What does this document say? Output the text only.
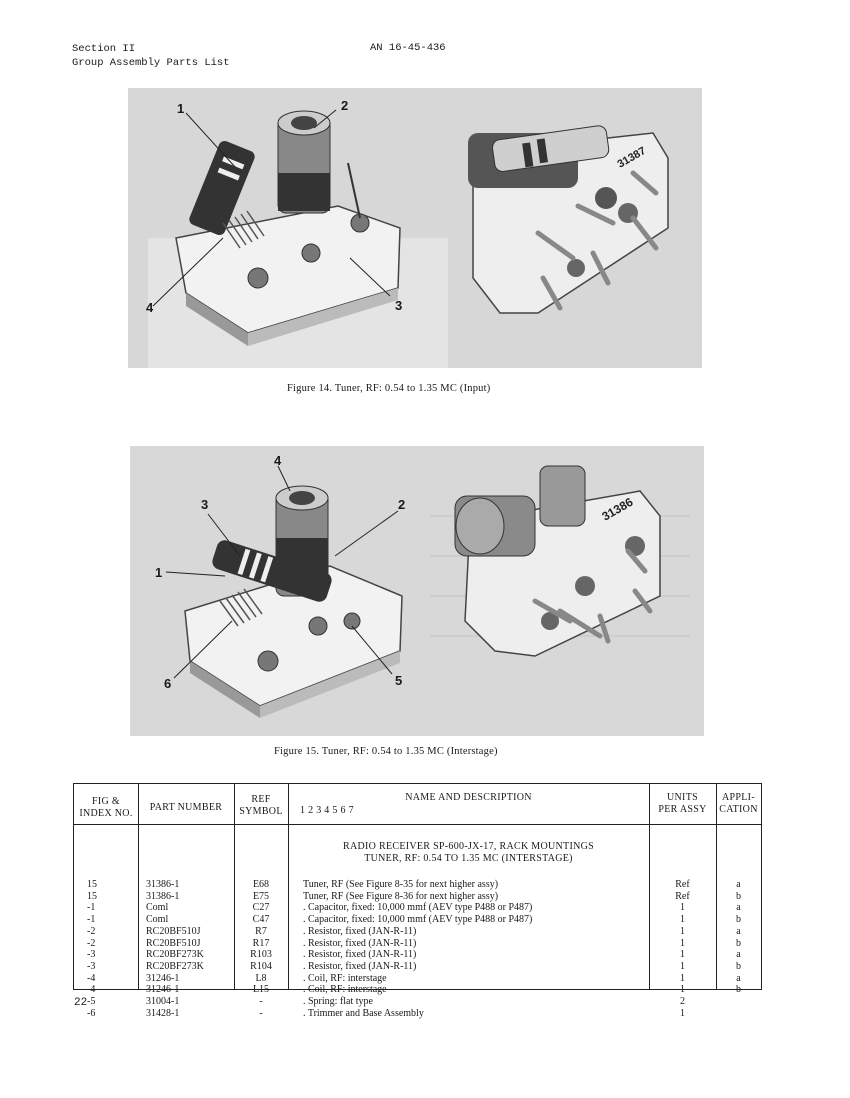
Section II
Group Assembly Parts List
AN 16-45-436
31387
1	2
3
4
Figure 14. Tuner, RF: 0.54 to 1.35 MC (Input)
31386
1
2
3
4
5
6
Figure 15. Tuner, RF: 0.54 to 1.35 MC (Interstage)
FIG &
INDEX NO.
PART NUMBER
REF
SYMBOL
NAME AND DESCRIPTION
1 2 3 4 5 6 7
UNITS
PER ASSY
APPLI-
CATION
RADIO RECEIVER SP-600-JX-17, RACK MOUNTINGS
TUNER, RF: 0.54 TO 1.35 MC (INTERSTAGE)
15	31386-1	E68	Tuner, RF (See Figure 8-35 for next higher assy)	Ref	a
15	31386-1	E75	Tuner, RF (See Figure 8-36 for next higher assy)	Ref	b
-1	Coml	C27	. Capacitor, fixed: 10,000 mmf (AEV type P488 or P487)	1	a
-1	Coml	C47	. Capacitor, fixed: 10,000 mmf (AEV type P488 or P487)	1	b
-2	RC20BF510J	R7	. Resistor, fixed (JAN-R-11)	1	a
-2	RC20BF510J	R17	. Resistor, fixed (JAN-R-11)	1	b
-3	RC20BF273K	R103	. Resistor, fixed (JAN-R-11)	1	a
-3	RC20BF273K	R104	. Resistor, fixed (JAN-R-11)	1	b
-4	31246-1	L8	. Coil, RF: interstage	1	a
-4	31246-1	L15	. Coil, RF: interstage	1	b
-5	31004-1	-	. Spring: flat type	2
-6	31428-1	-	. Trimmer and Base Assembly	1
22
